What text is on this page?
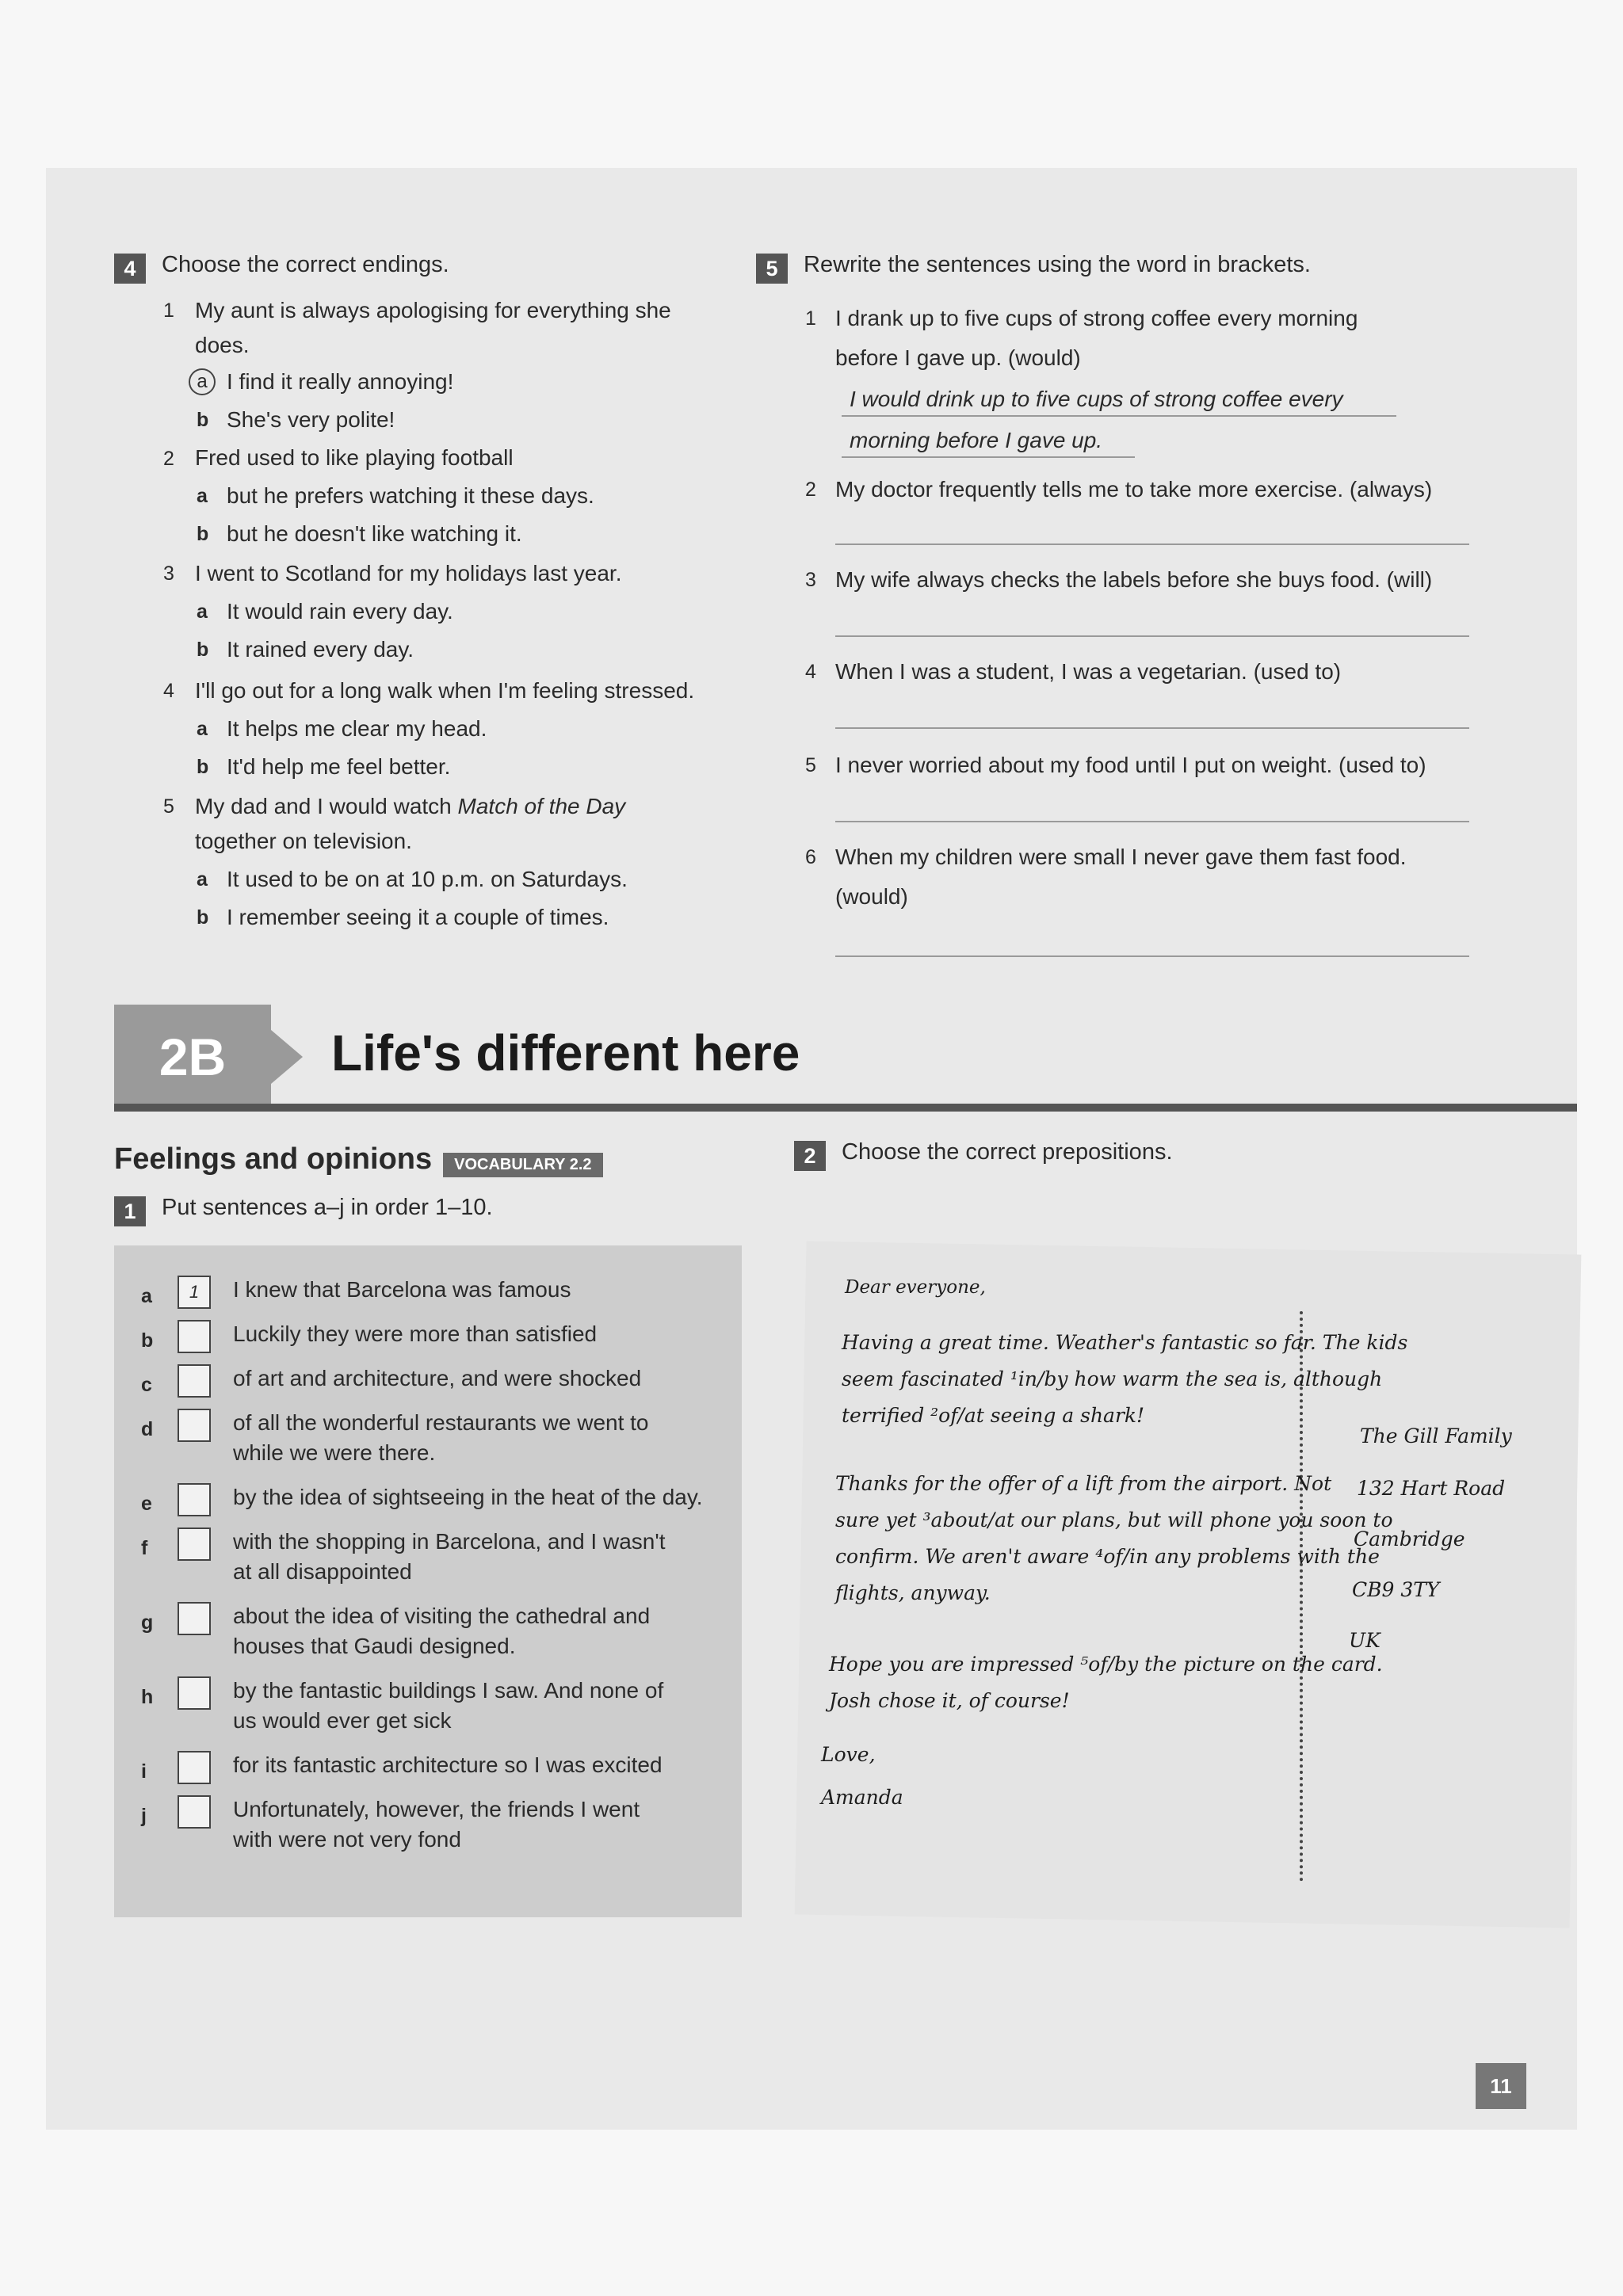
4 Choose the correct endings.
1 My aunt is always apologising for everything she
does.
a I find it really annoying!
b She's very polite!
2 Fred used to like playing football
a but he prefers watching it these days.
b but he doesn't like watching it.
3 I went to Scotland for my holidays last year.
a It would rain every day.
b It rained every day.
4 I'll go out for a long walk when I'm feeling stressed.
a It helps me clear my head.
b It'd help me feel better.
5 My dad and I would watch Match of the Day
together on television.
a It used to be on at 10 p.m. on Saturdays.
b I remember seeing it a couple of times.
5 Rewrite the sentences using the word in brackets.
1 I drank up to five cups of strong coffee every morning
before I gave up. (would)
I would drink up to five cups of strong coffee every
morning before I gave up.
2 My doctor frequently tells me to take more exercise. (always)
3 My wife always checks the labels before she buys food. (will)
4 When I was a student, I was a vegetarian. (used to)
5 I never worried about my food until I put on weight. (used to)
6 When my children were small I never gave them fast food.
(would)
2B	Life's different here
Feelings and opinions VOCABULARY 2.2
1 Put sentences a–j in order 1–10.
a	1	I knew that Barcelona was famous
b	Luckily they were more than satisfied
c	of art and architecture, and were shocked
d	of all the wonderful restaurants we went to
while we were there.
e	by the idea of sightseeing in the heat of the day.
f	with the shopping in Barcelona, and I wasn't
at all disappointed
g	about the idea of visiting the cathedral and
houses that Gaudi designed.
h	by the fantastic buildings I saw. And none of
us would ever get sick
i	for its fantastic architecture so I was excited
j	Unfortunately, however, the friends I went
with were not very fond
2 Choose the correct prepositions.
Dear everyone,
Having a great time. Weather's fantastic so far. The kids
seem fascinated ¹in/by how warm the sea is, although
terrified ²of/at seeing a shark!
Thanks for the offer of a lift from the airport. Not
sure yet ³about/at our plans, but will phone you soon to
confirm. We aren't aware ⁴of/in any problems with the
flights, anyway.
Hope you are impressed ⁵of/by the picture on the card.
Josh chose it, of course!
Love,
Amanda
The Gill Family
132 Hart Road
Cambridge
CB9 3TY
UK
11
